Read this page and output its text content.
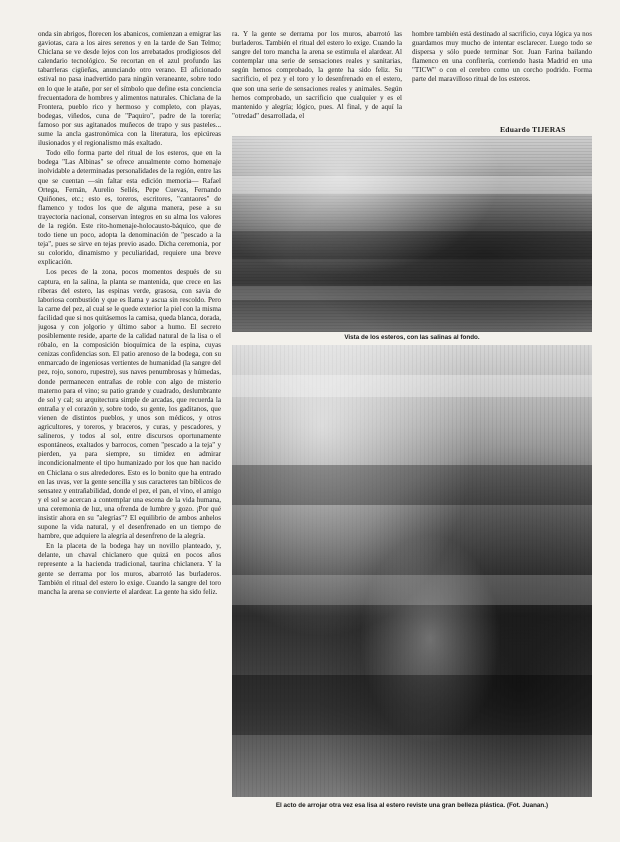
onda sin abrigos, florecen los abanicos, comienzan a emigrar las gaviotas, cara a los aires serenos y en la tarde de San Telmo; Chiclana se ve desde lejos con los arrebatados prodigiosos del calendario tecnológico. Se recortan en el azul profundo las tabarrleras cigüeñas, anunciando otro verano. El aficionado estival no pasa inadvertido para ningún veraneante, sobre todo en lo que le atañe, por ser el símbolo que define esta conciencia frecuentadora de hombres y alimentos naturales. Chiclana de la Frontera, pueblo rico y hermoso y completo, con playas, bodegas, viñedos, cuna de "Paquiro", padre de la torería; famoso por sus agitanados muñecos de trapo y sus pasteles... sume la ancla gastronómica con la literatura, los epicúreas ilusionados y el regionalismo más exaltado.

Todo ello forma parte del ritual de los esteros, que en la bodega "Las Albinas" se ofrece anualmente como homenaje inolvidable a determinadas personalidades de la región, entre las que se cuentan —sin faltar esta edición memoria— Rafael Ortega, Fernán, Aurelio Sellés, Pepe Cuevas, Fernando Quiñones, etc.; esto es, toreros, escritores, "cantaores" de flamenco y todos los que de alguna manera, pese a su trayectoria nacional, conservan íntegros en su alma los valores de la región. Este rito-homenaje-holocausto-báquico, que de todo tiene un poco, adopta la denominación de "pescado a la teja", pues se sirve en tejas previo asado. Dicha ceremonia, por su colorido, dinamismo y peculiaridad, requiere una breve explicación.

Los peces de la zona, pocos momentos después de su captura, en la salina, la planta se mantenida, que crece en las riberas del estero, las espinas verde, grasosa, con savia de laboriosa combustión y que es llama y ascua sin rescoldo. Pero la carne del pez, al cual se le quede exterior la piel con la misma facilidad que si nos quitásemos la camisa, queda blanca, dorada, jugosa y con jolgorio y último sabor a humo. El secreto posiblemente reside, aparte de la calidad natural de la lisa o el róbalo, en la composición bioquímica de la espina, cuyas cenizas confidencias son. El patio arenoso de la bodega, con su enmarcado de ingeniosas vertientes de humanidad (la sangre del pez, rojo, sonoro, rupestre), sus naves penumbrosas y húmedas, donde permanecen entrañas de roble con algo de misterio materno para el vino; su patio grande y cuadrado, deslumbrante de sol y cal; su arquitectura simple de arcadas, que recuerda la entraña y el corazón y, sobre todo, su gente, los gaditanos, que vienen de distintos pueblos, y unos son médicos, y otros agricultores, y toreros, y braceros, y curas, y pescadores, y salineros, y todos al sol, entre discursos oportunamente espontáneos, exaltados y barrocos, comen "pescado a la teja" y pierden, ya para siempre, su timidez en admirar incondicionalmente el tipo humanizado por los que han nacido en Chiclana o sus alrededores. Esto es lo bonito que ha entrado en las uvas, ver la gente sencilla y sus caracteres tan bíblicos de sensatez y entrañabilidad, donde el pez, el pan, el vino, el amigo y el sol se acercan a contemplar una escena de la vida humana, una ceremonia de luz, una ofrenda de lumbre y gozo. ¡Por qué insistir ahora en su "alegrías"? El equilibrio de ambos anhelos supone la vida natural, y el desenfrenado en un tiempo de hambre, que adquiere la alegría al desenfreno de la alegría.

En la placeta de la bodega hay un novillo planteado, y, delante, un chaval chiclanero que quizá en pocos años represente a la hacienda tradicional, taurina chiclanera. Y la gente se derrama por los muros, abarrotó las burladeros. También el ritual del estero lo exige. Cuando la sangre del toro mancha la arena se convierte el alardear. La gente ha sido feliz.

ra. Y la gente se derrama por los muros, abarrotó las burladeros. También el ritual del estero lo exige. Cuando la sangre del toro mancha la arena se estimula el alardear. Al contemplar una serie de sensaciones reales y sanitarias, según hemos comprobado, la gente ha sido feliz. Su sacrificio, el pez y el toro y lo desenfrenado en el estero, que son una serie de sensaciones reales y animales. Según hemos comprobado, un sacrificio que cualquier y es el mantenido y alegría; lógico, pues. Al final, y de aquí la "otredad" desarrollada, el

hombre también está destinado al sacrificio, cuya lógica ya nos guardamos muy mucho de intentar esclarecer. Luego todo se dispersa y sólo puede terminar Sor. Juan Farina bailando flamenco en una confitería, corriendo hasta Madrid en una "TICW" o con el cerebro como un corcho podrido. Forma parte del maravilloso ritual de los esteros.

Eduardo TIJERAS
Vista de los esteros, con las salinas al fondo.
El acto de arrojar otra vez esa lisa al estero reviste una gran belleza plástica. (Fot. Juanan.)
